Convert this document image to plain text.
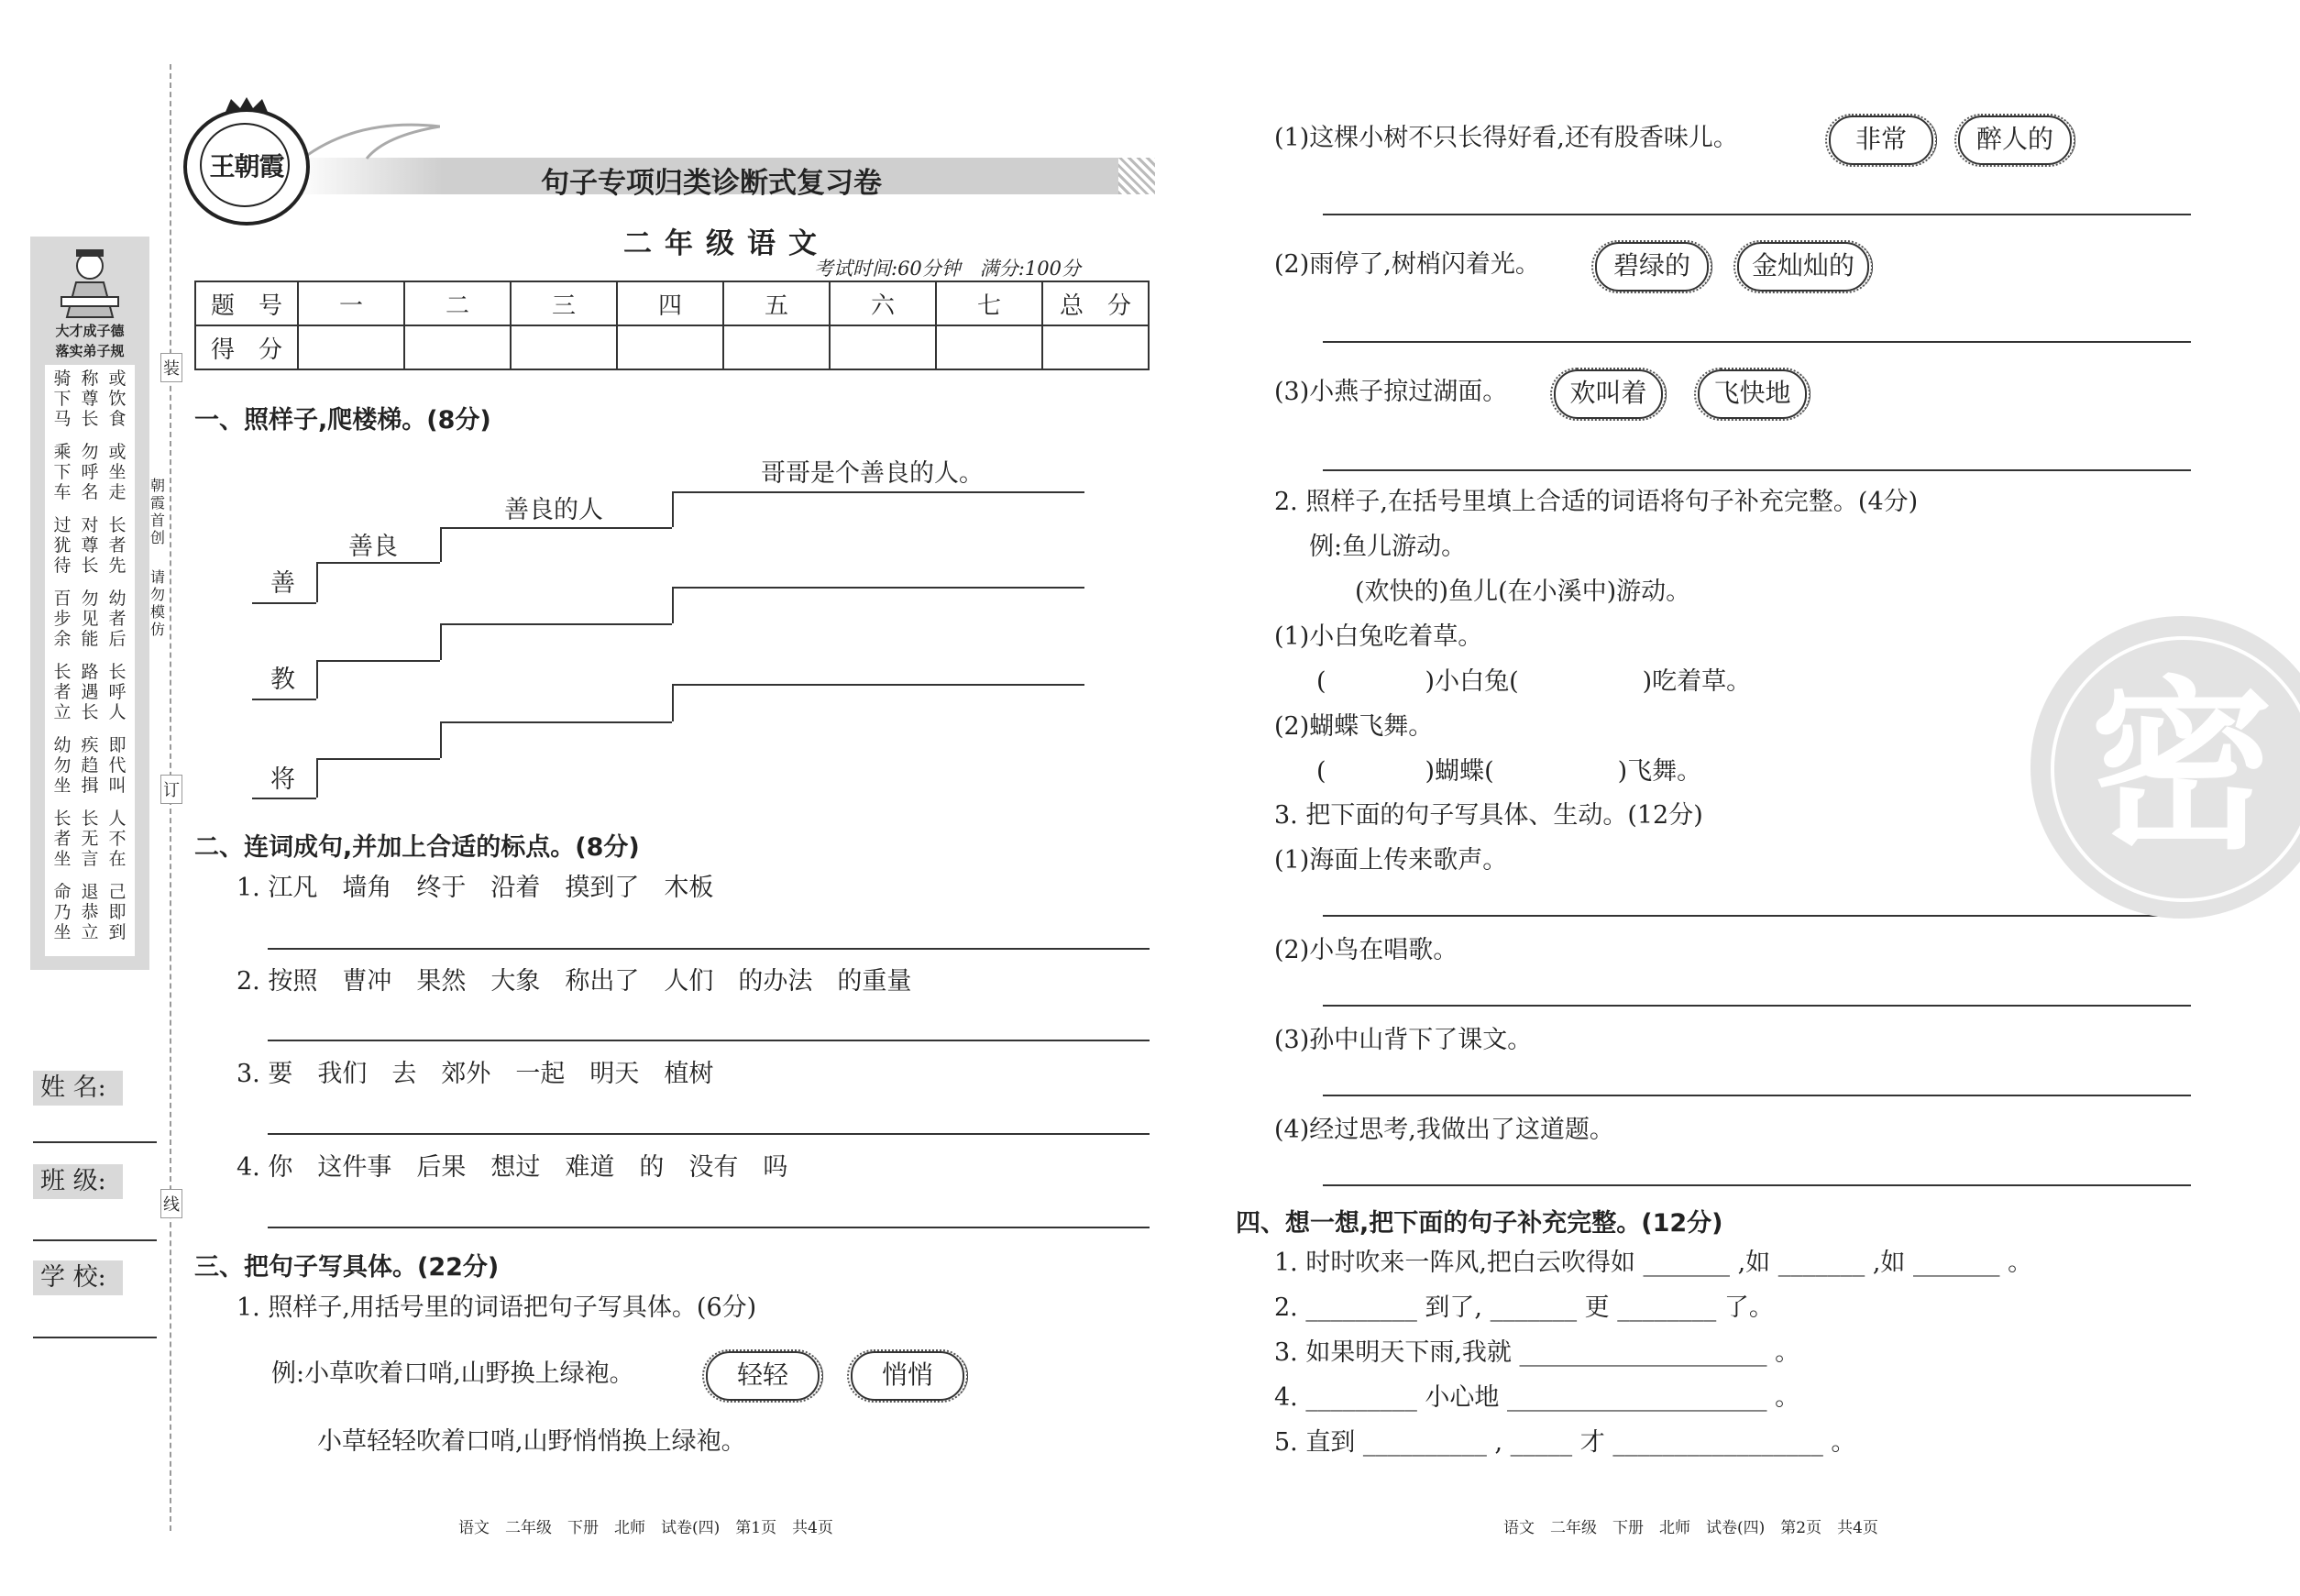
装
订
线
朝霞首创
请勿模仿
大才成子德
落实弟子规
骑下马
称尊长
或饮食
乘下车
勿呼名
或坐走
过犹待
对尊长
长者先
百步余
勿见能
幼者后
长者立
路遇长
长呼人
幼勿坐
疾趋揖
即代叫
长者坐
长无言
人不在
命乃坐
退恭立
己即到
姓 名:
班 级:
学 校:
王朝霞
句子专项归类诊断式复习卷
二年级语文
考试时间:60分钟　满分:100分
题　号	一	二	三	四	五	六	七	总　分
得　分								
一、照样子,爬楼梯。(8分)
善
善良
善良的人
哥哥是个善良的人。
教
将
二、连词成句,并加上合适的标点。(8分)
1. 江凡　墙角　终于　沿着　摸到了　木板
2. 按照　曹冲　果然　大象　称出了　人们　的办法　的重量
3. 要　我们　去　郊外　一起　明天　植树
4. 你　这件事　后果　想过　难道　的　没有　吗
三、把句子写具体。(22分)
1. 照样子,用括号里的词语把句子写具体。(6分)
例:小草吹着口哨,山野换上绿袍。	轻轻	悄悄
小草轻轻吹着口哨,山野悄悄换上绿袍。
(1)这棵小树不只长得好看,还有股香味儿。	非常	醉人的
(2)雨停了,树梢闪着光。	碧绿的	金灿灿的
(3)小燕子掠过湖面。	欢叫着	飞快地
2. 照样子,在括号里填上合适的词语将句子补充完整。(4分)
例:鱼儿游动。
(欢快的)鱼儿(在小溪中)游动。
(1)小白兔吃着草。
(　　　　)小白兔(　　　　　)吃着草。
(2)蝴蝶飞舞。
(　　　　)蝴蝶(　　　　　)飞舞。
3. 把下面的句子写具体、生动。(12分)
(1)海面上传来歌声。
(2)小鸟在唱歌。
(3)孙中山背下了课文。
(4)经过思考,我做出了这道题。
四、想一想,把下面的句子补充完整。(12分)
1. 时时吹来一阵风,把白云吹得如 _______ ,如 _______ ,如 _______ 。
2. _________ 到了, _______ 更 ________ 了。
3. 如果明天下雨,我就 ____________________ 。
4. _________ 小心地 _____________________ 。
5. 直到 __________ , _____ 才 _________________ 。
密
语文　二年级　下册　北师　试卷(四)　第1页　共4页	语文　二年级　下册　北师　试卷(四)　第2页　共4页
